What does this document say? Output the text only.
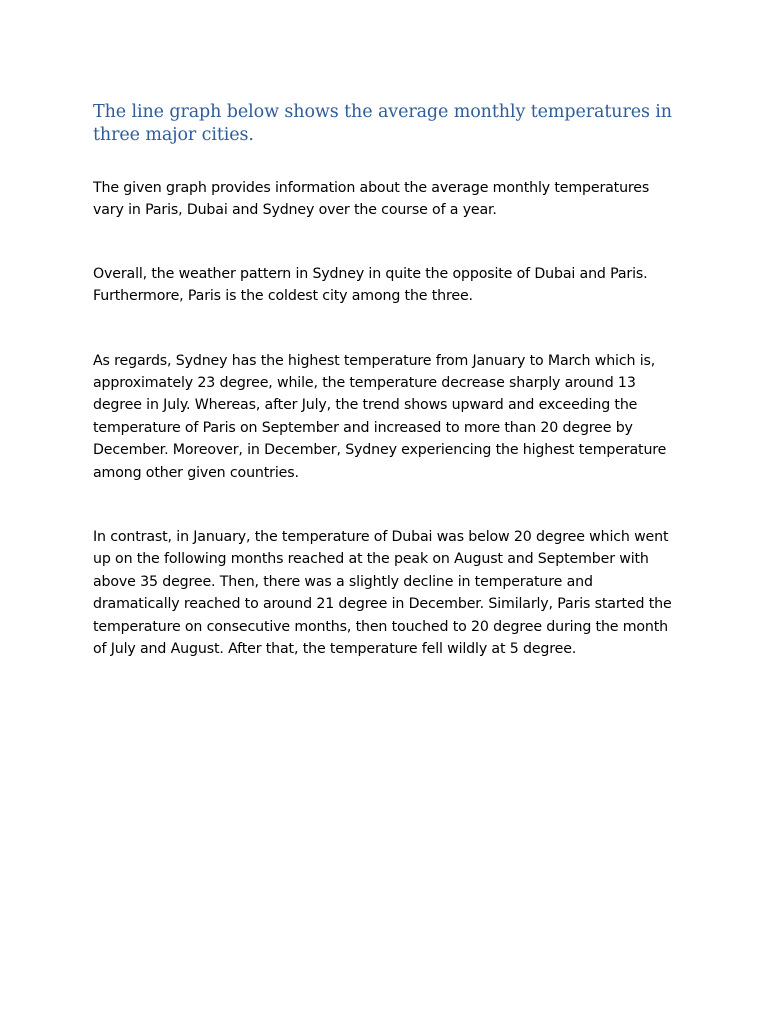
The line graph below shows the average monthly temperatures in three major cities.

The given graph provides information about the average monthly temperatures vary in Paris, Dubai and Sydney over the course of a year.

Overall, the weather pattern in Sydney in quite the opposite of Dubai and Paris. Furthermore, Paris is the coldest city among the three.

As regards, Sydney has the highest temperature from January to March which is, approximately 23 degree, while, the temperature decrease sharply around 13 degree in July. Whereas, after July, the trend shows upward and exceeding the temperature of Paris on September and increased to more than 20 degree by December. Moreover, in December, Sydney experiencing the highest temperature among other given countries.

In contrast, in January, the temperature of Dubai was below 20 degree which went up on the following months reached at the peak on August and September with above 35 degree. Then, there was a slightly decline in temperature and dramatically reached to around 21 degree in December. Similarly, Paris started the temperature on consecutive months, then touched to 20 degree during the month of July and August. After that, the temperature fell wildly at 5 degree.
